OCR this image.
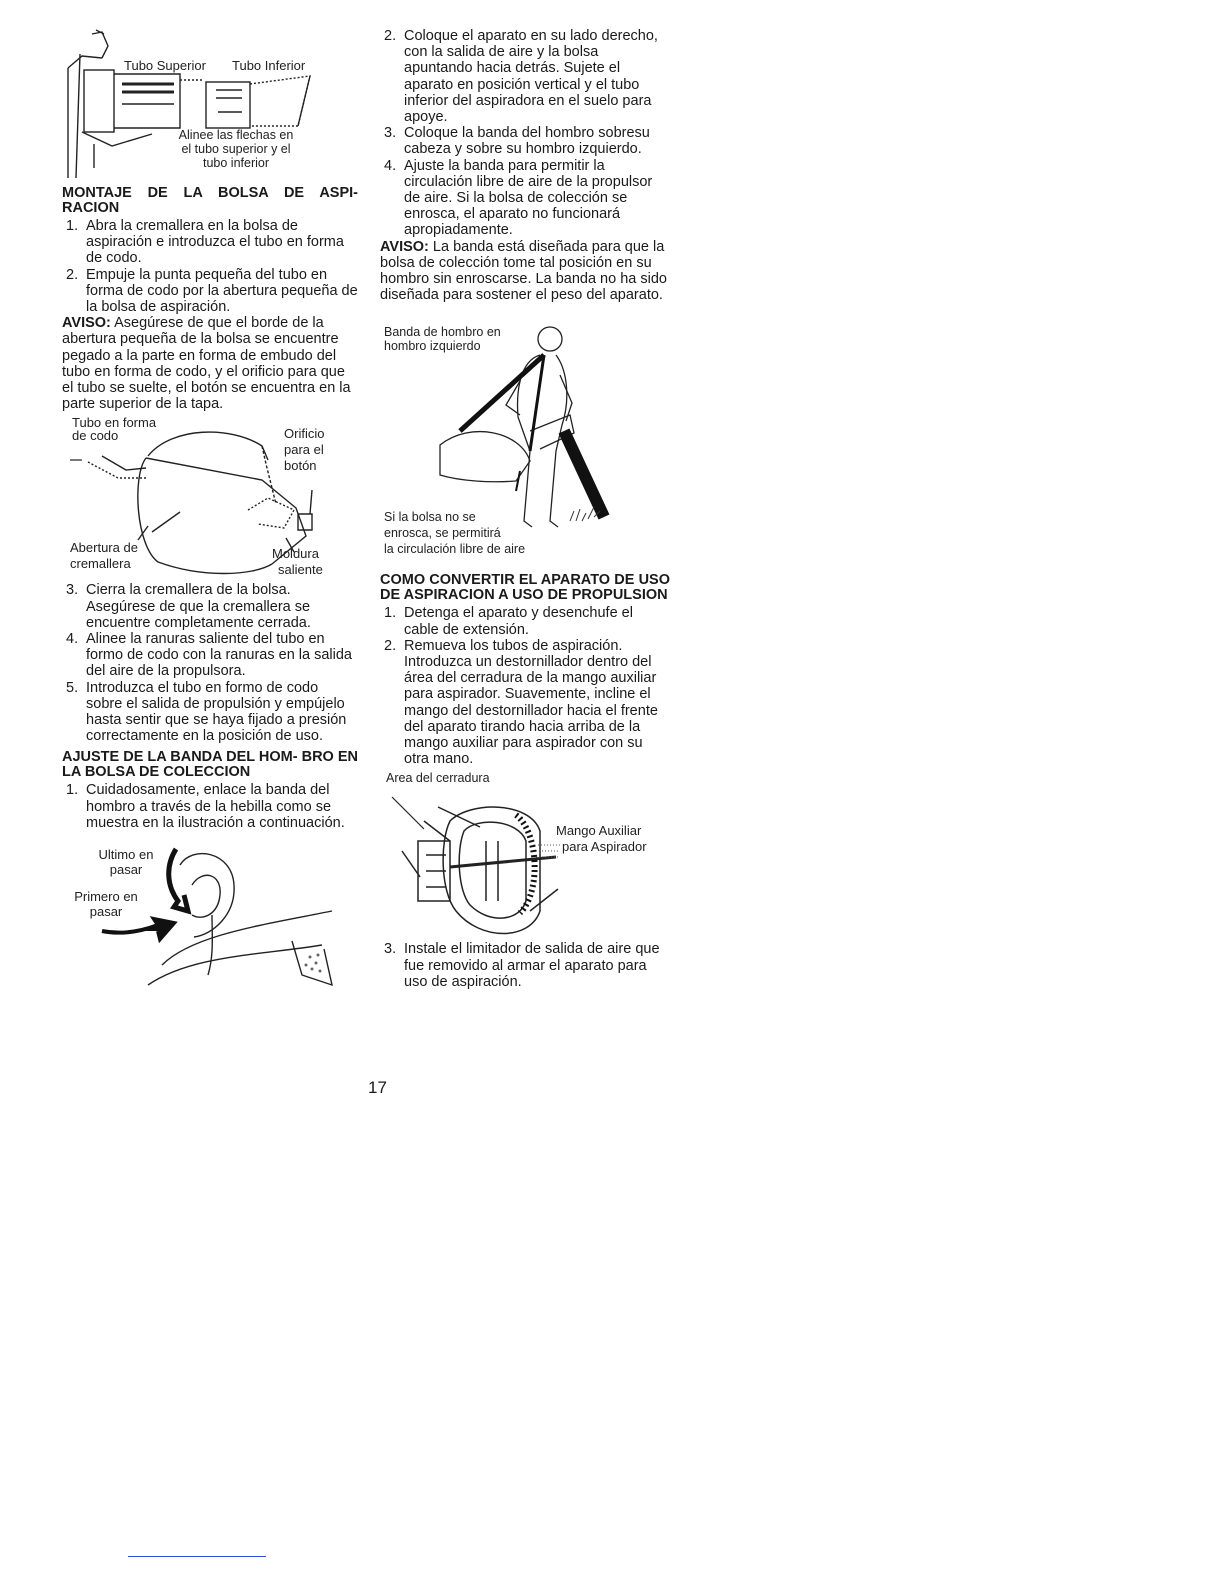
Tubo Superior Tubo Inferior
Alinee las flechas en
el tubo superior y el
tubo inferior
MONTAJE DE LA BOLSA DE ASPI- RACION
1. Abra la cremallera en la bolsa de aspiración e introduzca el tubo en forma de codo.
2. Empuje la punta pequeña del tubo en forma de codo por la abertura pequeña de la bolsa de aspiración.

AVISO: Asegúrese de que el borde de la abertura pequeña de la bolsa se encuentre pegado a la parte en forma de embudo del tubo en forma de codo, y el orificio para que el tubo se suelte, el botón se encuentra en la parte superior de la tapa.

Tubo en forma
de codo	Orificio
para el
botón
Abertura de
cremallera
Moldura
saliente
3. Cierra la cremallera de la bolsa. Asegúrese de que la cremallera se encuentre completamente cerrada.
4. Alinee la ranuras saliente del tubo en formo de codo con la ranuras en la salida del aire de la propulsora.
5. Introduzca el tubo en formo de codo sobre el salida de propulsión y empújelo hasta sentir que se haya fijado a presión correctamente en la posición de uso.
AJUSTE DE LA BANDA DEL HOM- BRO EN LA BOLSA DE COLECCION
1. Cuidadosamente, enlace la banda del hombro a través de la hebilla como se muestra en la ilustración a continuación.
Ultimo en
pasar
Primero en
pasar
2. Coloque el aparato en su lado derecho, con la salida de aire y la bolsa apuntando hacia detrás. Sujete el aparato en posición vertical y el tubo inferior del aspiradora en el suelo para apoye.
3. Coloque la banda del hombro sobresu cabeza y sobre su hombro izquierdo.
4. Ajuste la banda para permitir la circulación libre de aire de la propulsor de aire. Si la bolsa de colección se enrosca, el aparato no funcionará apropiadamente.

AVISO: La banda está diseñada para que la bolsa de colección tome tal posición en su hombro sin enroscarse. La banda no ha sido diseñada para sostener el peso del aparato.

Banda de hombro en
hombro izquierdo
Si la bolsa no se
enrosca, se permitirá
la circulación libre de aire
COMO CONVERTIR EL APARATO DE USO DE ASPIRACION A USO DE PROPULSION
1. Detenga el aparato y desenchufe el cable de extensión.
2. Remueva los tubos de aspiración. Introduzca un destornillador dentro del área del cerradura de la mango auxiliar para aspirador. Suavemente, incline el mango del destornillador hacia el frente del aparato tirando hacia arriba de la mango auxiliar para aspirador con su otra mano.
Area del cerradura
Mango Auxiliar
para Aspirador
3. Instale el limitador de salida de aire que fue removido al armar el aparato para uso de aspiración.
17
